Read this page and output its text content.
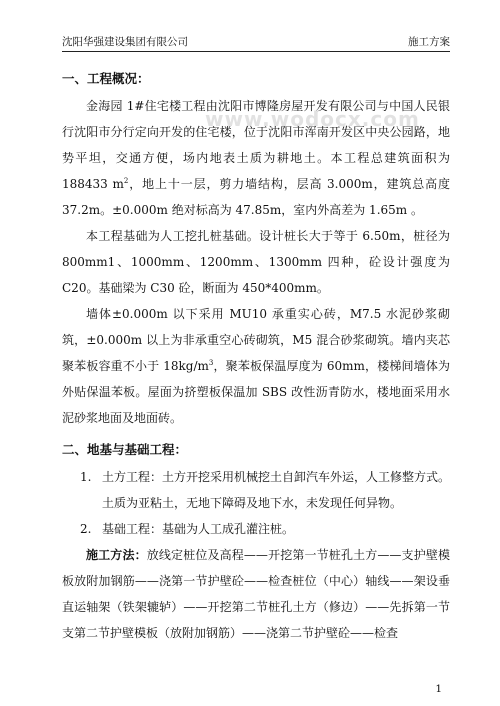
沈阳华强建设集团有限公司	施工方案
一、工程概况：

金海园 1#住宅楼工程由沈阳市博隆房屋开发有限公司与中国人民银行沈阳市分行定向开发的住宅楼，位于沈阳市浑南开发区中央公园路，地势平坦，交通方便，场内地表土质为耕地土。本工程总建筑面积为 188433 $m^2$，地上十一层，剪力墙结构，层高 3.000m，建筑总高度 37.2m。±0.000m 绝对标高为 47.85m，室内外高差为 1.65m 。

本工程基础为人工挖扎桩基础。设计桩长大于等于 6.50m，桩径为 800mm1、1000mm、1200mm、1300mm 四种，砼设计强度为 C20。基础梁为 C30 砼，断面为 450*400mm。

墙体±0.000m 以下采用 MU10 承重实心砖，M7.5 水泥砂浆砌筑，±0.000m 以上为非承重空心砖砌筑，M5 混合砂浆砌筑。墙内夹芯聚苯板容重不小于 $18kg/m^3$，聚苯板保温厚度为 60mm，楼梯间墙体为外贴保温苯板。屋面为挤塑板保温加 SBS 改性沥青防水，楼地面采用水泥砂浆地面及地面砖。

二、地基与基础工程：

1. 土方工程：土方开挖采用机械挖土自卸汽车外运，人工修整方式。

土质为亚粘土，无地下障碍及地下水，未发现任何异物。

2. 基础工程：基础为人工成孔灌注桩。

施工方法：放线定桩位及高程——开挖第一节桩孔土方——支护壁模板放附加钢筋——浇第一节护壁砼——检查桩位（中心）轴线——架设垂直运轴架（铁架辘轳）——开挖第二节桩孔土方（修边）——先拆第一节支第二节护壁模板（放附加钢筋）——浇第二节护壁砼——检查

www.wodocx.com
1
